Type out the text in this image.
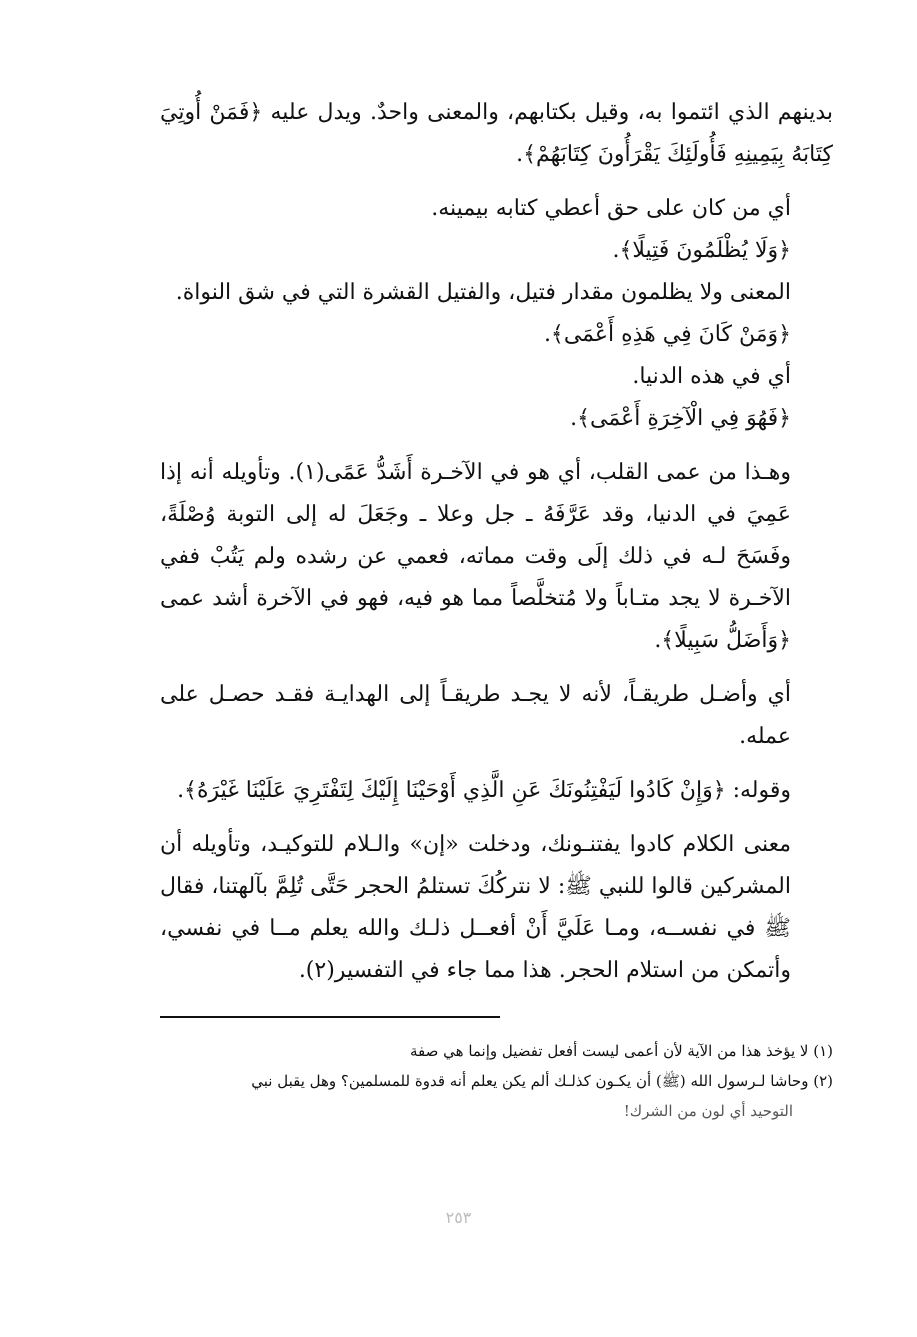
بدينهم الذي ائتموا به، وقيل بكتابهم، والمعنى واحدٌ. ويدل عليه ﴿فَمَنْ أُوتِيَ كِتَابَهُ بِيَمِينِهِ فَأُولَئِكَ يَقْرَأُونَ كِتَابَهُمْ﴾.

أي من كان على حق أعطي كتابه بيمينه.

﴿وَلَا يُظْلَمُونَ فَتِيلًا﴾.

المعنى ولا يظلمون مقدار فتيل، والفتيل القشرة التي في شق النواة.

﴿وَمَنْ كَانَ فِي هَذِهِ أَعْمَى﴾.

أي في هذه الدنيا.

﴿فَهُوَ فِي الْآخِرَةِ أَعْمَى﴾.

وهـذا من عمى القلب، أي هو في الآخـرة أَشَدُّ عَمًى(١). وتأويله أنه إذا عَمِيَ في الدنيا، وقد عَرَّفَهُ ـ جل وعلا ـ وجَعَلَ له إلى التوبة وُصْلَةً، وفَسَحَ لـه في ذلك إلَى وقت مماته، فعمي عن رشده ولم يَتُبْ ففي الآخـرة لا يجد متـاباً ولا مُتخلَّصاً مما هو فيه، فهو في الآخرة أشد عمى ﴿وَأَضَلُّ سَبِيلًا﴾.

أي وأضـل طريقـاً، لأنه لا يجـد طريقـاً إلى الهدايـة فقـد حصـل على عمله.

وقوله: ﴿وَإِنْ كَادُوا لَيَفْتِنُونَكَ عَنِ الَّذِي أَوْحَيْنَا إِلَيْكَ لِتَفْتَرِيَ عَلَيْنَا غَيْرَهُ﴾.

معنى الكلام كادوا يفتنـونك، ودخلت «إن» والـلام للتوكيـد، وتأويله أن المشركين قالوا للنبي ﷺ: لا نتركُكَ تستلمُ الحجر حَتَّى تُلِمَّ بآلهتنا، فقال ﷺ في نفســه، ومـا عَلَيَّ أَنْ أفعــل ذلـك والله يعلم مــا في نفسي، وأتمكن من استلام الحجر. هذا مما جاء في التفسير(٢).

(١) لا يؤخذ هذا من الآية لأن أعمى ليست أفعل تفضيل وإنما هي صفة

(٢) وحاشا لـرسول الله (ﷺ) أن يكـون كذلـك ألم يكن يعلم أنه قدوة للمسلمين؟ وهل يقبل نبي

التوحيد أي لون من الشرك!

٢٥٣
